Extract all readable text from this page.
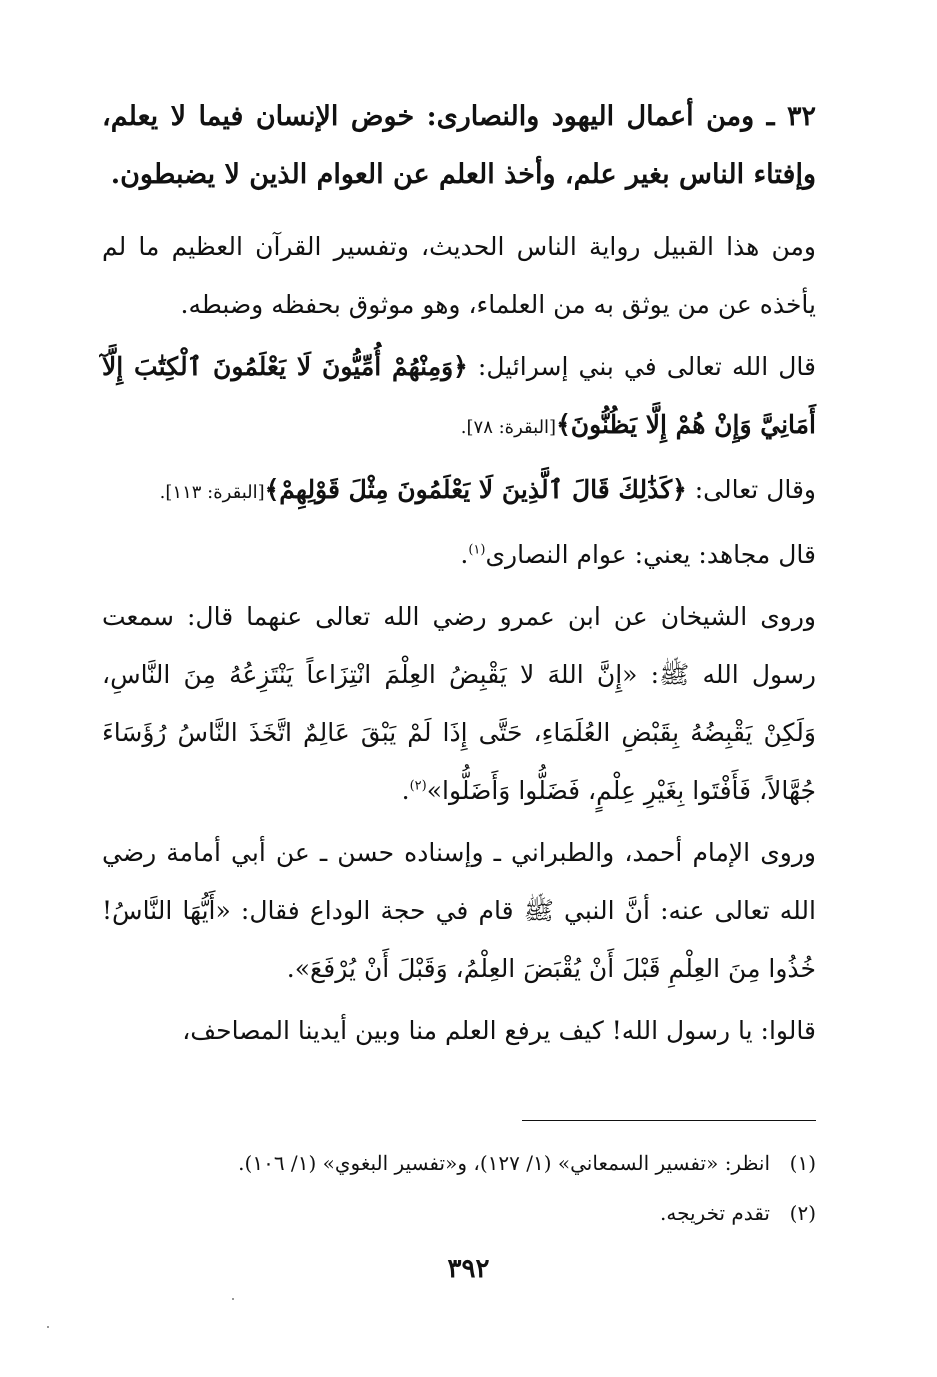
٣٢ ـ ومن أعمال اليهود والنصارى: خوض الإنسان فيما لا يعلم، وإفتاء الناس بغير علم، وأخذ العلم عن العوام الذين لا يضبطون.

ومن هذا القبيل رواية الناس الحديث، وتفسير القرآن العظيم ما لم يأخذه عن من يوثق به من العلماء، وهو موثوق بحفظه وضبطه.

قال الله تعالى في بني إسرائيل: ﴿وَمِنْهُمْ أُمِّيُّونَ لَا يَعْلَمُونَ ٱلْكِتَٰبَ إِلَّآ أَمَانِيَّ وَإِنْ هُمْ إِلَّا يَظُنُّونَ﴾[البقرة: ٧٨].

وقال تعالى: ﴿كَذَٰلِكَ قَالَ ٱلَّذِينَ لَا يَعْلَمُونَ مِثْلَ قَوْلِهِمْ﴾[البقرة: ١١٣].

قال مجاهد: يعني: عوام النصارى$^{(١)}$.

وروى الشيخان عن ابن عمرو رضي الله تعالى عنهما قال: سمعت رسول الله ﷺ: «إِنَّ اللهَ لا يَقْبِضُ العِلْمَ انْتِزَاعاً يَنْتَزِعُهُ مِنَ النَّاسِ، وَلَكِنْ يَقْبِضُهُ بِقَبْضِ العُلَمَاءِ، حَتَّى إِذَا لَمْ يَبْقَ عَالِمٌ اتَّخَذَ النَّاسُ رُؤَسَاءَ جُهَّالاً، فَأَفْتَوا بِغَيْرِ عِلْمٍ، فَضَلُّوا وَأَضَلُّوا»$^{(٢)}$.

وروى الإمام أحمد، والطبراني ـ وإسناده حسن ـ عن أبي أمامة رضي الله تعالى عنه: أنَّ النبي ﷺ قام في حجة الوداع فقال: «أَيُّهَا النَّاسُ! خُذُوا مِنَ العِلْمِ قَبْلَ أَنْ يُقْبَضَ العِلْمُ، وَقَبْلَ أَنْ يُرْفَعَ».

قالوا: يا رسول الله! كيف يرفع العلم منا وبين أيدينا المصاحف،

(١)انظر: «تفسير السمعاني» (١/ ١٢٧)، و«تفسير البغوي» (١/ ١٠٦).

(٢)تقدم تخريجه.

٣٩٢
